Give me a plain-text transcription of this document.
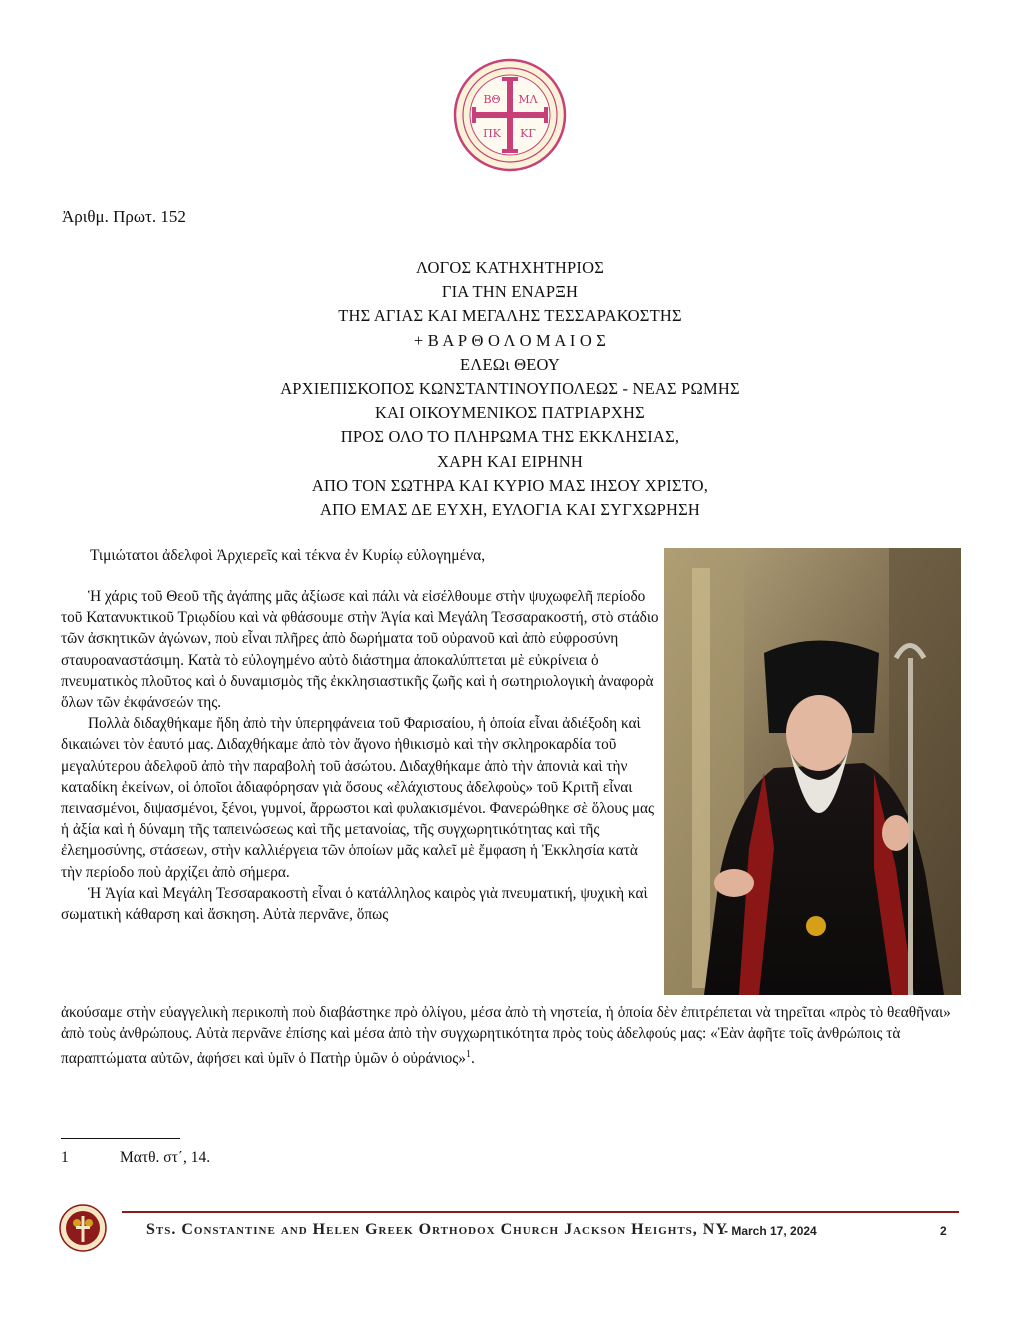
ΒΘ ΜΛ
ΠΚ ΚΓ
Ἀριθμ. Πρωτ. 152
ΛΟΓΟΣ ΚΑΤΗΧΗΤΗΡΙΟΣ
ΓΙΑ ΤΗΝ ΕΝΑΡΞΗ
ΤΗΣ ΑΓΙΑΣ ΚΑΙ ΜΕΓΑΛΗΣ ΤΕΣΣΑΡΑΚΟΣΤΗΣ
+ Β Α Ρ Θ Ο Λ Ο Μ Α Ι Ο Σ
ΕΛΕΩι ΘΕΟΥ
ΑΡΧΙΕΠΙΣΚΟΠΟΣ ΚΩΝΣΤΑΝΤΙΝΟΥΠΟΛΕΩΣ - ΝΕΑΣ ΡΩΜΗΣ
ΚΑΙ ΟΙΚΟΥΜΕΝΙΚΟΣ ΠΑΤΡΙΑΡΧΗΣ
ΠΡΟΣ ΟΛΟ ΤΟ ΠΛΗΡΩΜΑ ΤΗΣ ΕΚΚΛΗΣΙΑΣ,
ΧΑΡΗ ΚΑΙ ΕΙΡΗΝΗ
ΑΠΟ ΤΟΝ ΣΩΤΗΡΑ ΚΑΙ ΚΥΡΙΟ ΜΑΣ ΙΗΣΟΥ ΧΡΙΣΤΟ,
ΑΠΟ ΕΜΑΣ ΔΕ ΕΥΧΗ, ΕΥΛΟΓΙΑ ΚΑΙ ΣΥΓΧΩΡΗΣΗ
Τιμιώτατοι ἀδελφοὶ Ἀρχιερεῖς καὶ τέκνα ἐν Κυρίῳ εὐλογημένα,

Ἡ χάρις τοῦ Θεοῦ τῆς ἀγάπης μᾶς ἀξίωσε καὶ πάλι νὰ εἰσέλθουμε στὴν ψυχωφελῆ περίοδο τοῦ Κατανυκτικοῦ Τριῳδίου καὶ νὰ φθάσουμε στὴν Ἁγία καὶ Μεγάλη Τεσσαρακοστή, στὸ στάδιο τῶν ἀσκητικῶν ἀγώνων, ποὺ εἶναι πλῆρες ἀπὸ δωρήματα τοῦ οὐρανοῦ καὶ ἀπὸ εὐφροσύνη σταυροαναστάσιμη. Κατὰ τὸ εὐλογημένο αὐτὸ διάστημα ἀποκαλύπτεται μὲ εὐκρίνεια ὁ πνευματικὸς πλοῦτος καὶ ὁ δυναμισμὸς τῆς ἐκκλησιαστικῆς ζωῆς καὶ ἡ σωτηριολογικὴ ἀναφορὰ ὅλων τῶν ἐκφάνσεών της.

Πολλὰ διδαχθήκαμε ἤδη ἀπὸ τὴν ὑπερηφάνεια τοῦ Φαρισαίου, ἡ ὁποία εἶναι ἀδιέξοδη καὶ δικαιώνει τὸν ἑαυτό μας. Διδαχθήκαμε ἀπὸ τὸν ἄγονο ἠθικισμὸ καὶ τὴν σκληροκαρδία τοῦ μεγαλύτερου ἀδελφοῦ ἀπὸ τὴν παραβολὴ τοῦ ἀσώτου. Διδαχθήκαμε ἀπὸ τὴν ἀπονιὰ καὶ τὴν καταδίκη ἐκείνων, οἱ ὁποῖοι ἀδιαφόρησαν γιὰ ὅσους «ἐλάχιστους ἀδελφοὺς» τοῦ Κριτῆ εἶναι πεινασμένοι, διψασμένοι, ξένοι, γυμνοί, ἄρρωστοι καὶ φυλακισμένοι. Φανερώθηκε σὲ ὅλους μας ἡ ἀξία καὶ ἡ δύναμη τῆς ταπεινώσεως καὶ τῆς μετανοίας, τῆς συγχωρητικότητας καὶ τῆς ἐλεημοσύνης, στάσεων, στὴν καλλιέργεια τῶν ὁποίων μᾶς καλεῖ μὲ ἔμφαση ἡ Ἐκκλησία κατὰ τὴν περίοδο ποὺ ἀρχίζει ἀπὸ σήμερα.

Ἡ Ἁγία καὶ Μεγάλη Τεσσαρακοστὴ εἶναι ὁ κατάλληλος καιρὸς γιὰ πνευματική, ψυχικὴ καὶ σωματικὴ κάθαρση καὶ ἄσκηση. Αὐτὰ περνᾶνε, ὅπως

ἀκούσαμε στὴν εὐαγγελικὴ περικοπὴ ποὺ διαβάστηκε πρὸ ὀλίγου, μέσα ἀπὸ τὴ νηστεία, ἡ ὁποία δὲν ἐπιτρέπεται νὰ τηρεῖται «πρὸς τὸ θεαθῆναι» ἀπὸ τοὺς ἀνθρώπους. Αὐτὰ περνᾶνε ἐπίσης καὶ μέσα ἀπὸ τὴν συγχωρητικότητα πρὸς τοὺς ἀδελφούς μας: «Ἐὰν ἀφῆτε τοῖς ἀνθρώποις τὰ παραπτώματα αὐτῶν, ἀφήσει καὶ ὑμῖν ὁ Πατὴρ ὑμῶν ὁ οὐράνιος»$^1$.

1	Ματθ. στ΄, 14.
Sts. Constantine and Helen Greek Orthodox Church Jackson Heights, NY
- March 17, 2024	2
